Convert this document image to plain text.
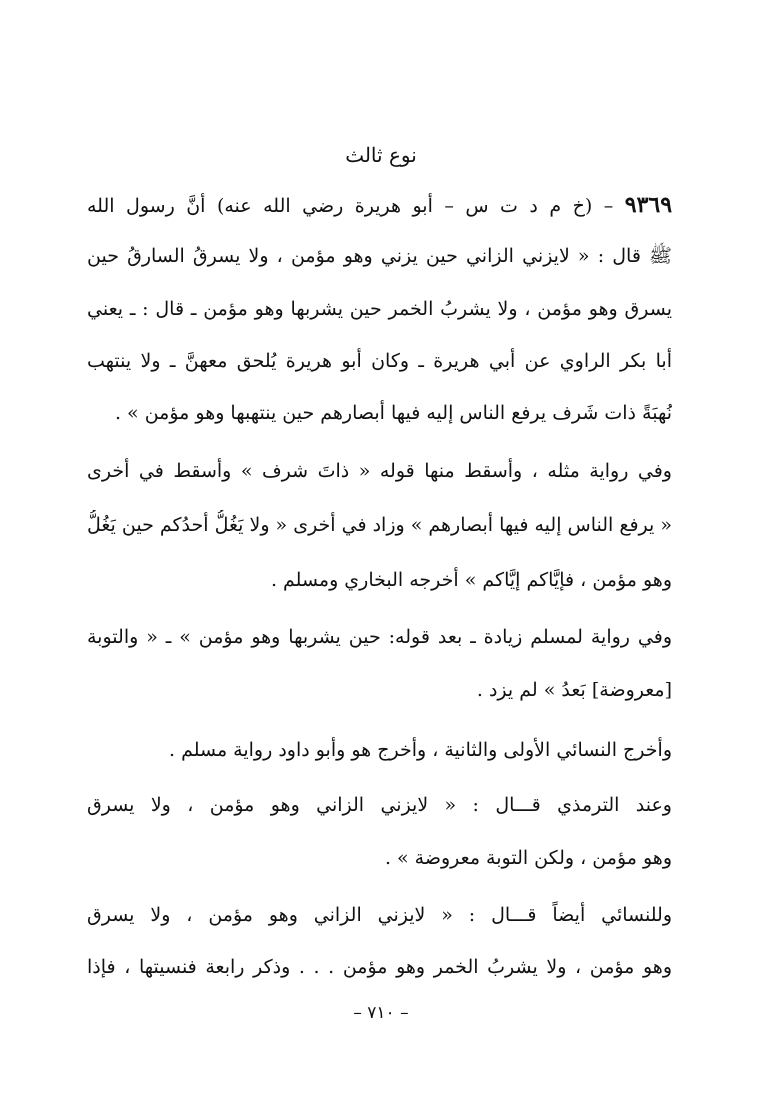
نوع ثالث
٩٣٦٩ – (خ م د ت س – أبو هريرة رضي الله عنه) أنَّ رسول الله
ﷺ قال : « لايزني الزاني حين يزني وهو مؤمن ، ولا يسرقُ السارقُ حين
يسرق وهو مؤمن ، ولا يشربُ الخمر حين يشربها وهو مؤمن ـ قال : ـ يعني
أبا بكر الراوي عن أبي هريرة ـ وكان أبو هريرة يُلحق معهنَّ ـ ولا ينتهب
نُهبَةً ذات شَرف يرفع الناس إليه فيها أبصارهم حين ينتهبها وهو مؤمن » .
وفي رواية مثله ، وأسقط منها قوله « ذاتَ شرف » وأسقط في أخرى
« يرفع الناس إليه فيها أبصارهم » وزاد في أخرى « ولا يَغُلُّ أحدُكم حين يَغُلُّ
وهو مؤمن ، فإيَّاكم إيَّاكم » أخرجه البخاري ومسلم .
وفي رواية لمسلم زيادة ـ بعد قوله: حين يشربها وهو مؤمن » ـ « والتوبة
[معروضة] بَعدُ » لم يزد .
وأخرج النسائي الأولى والثانية ، وأخرج هو وأبو داود رواية مسلم .
وعند الترمذي قـــال : « لايزني الزاني وهو مؤمن ، ولا يسرق
وهو مؤمن ، ولكن التوبة معروضة » .
وللنسائي أيضاً قـــال : « لايزني الزاني وهو مؤمن ، ولا يسرق
وهو مؤمن ، ولا يشربُ الخمر وهو مؤمن . . . وذكر رابعة فنسيتها ، فإذا
– ٧١٠ –
